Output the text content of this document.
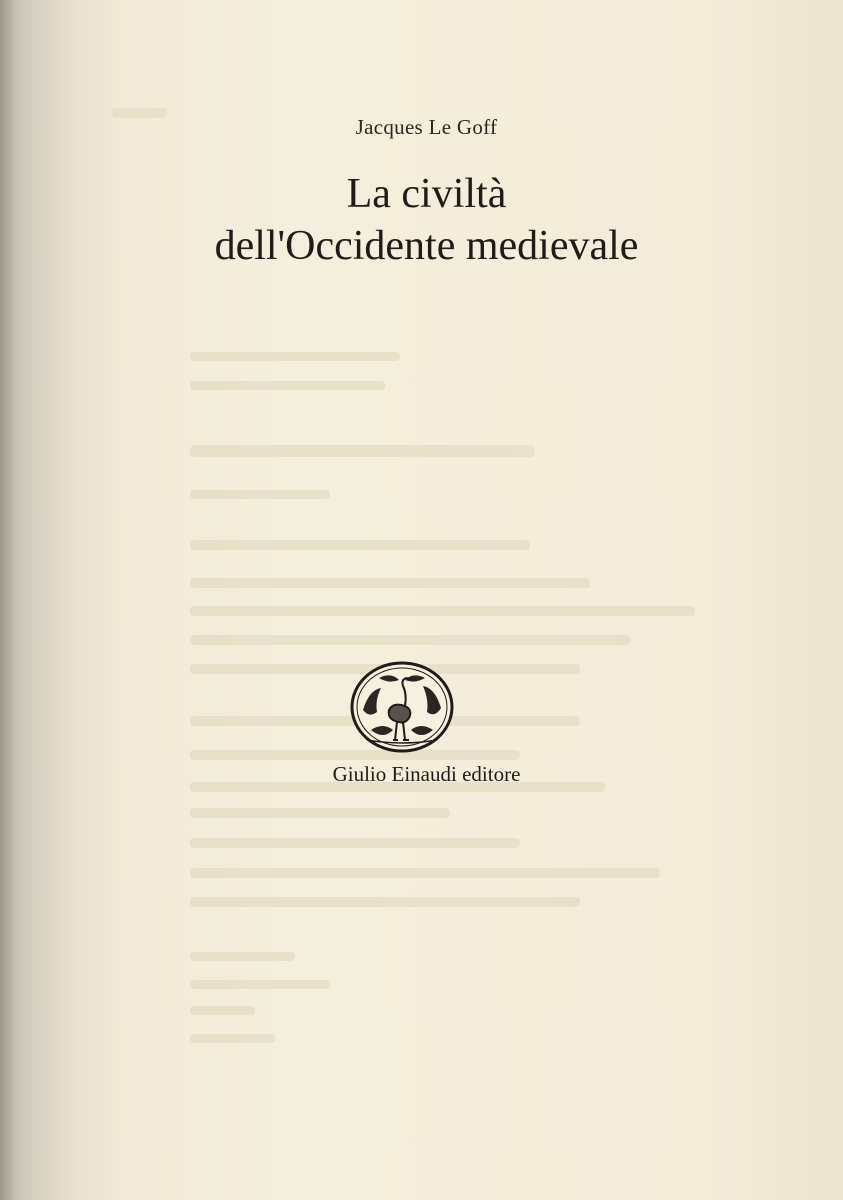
Jacques Le Goff
La civiltà
dell'Occidente medievale
Giulio Einaudi editore
